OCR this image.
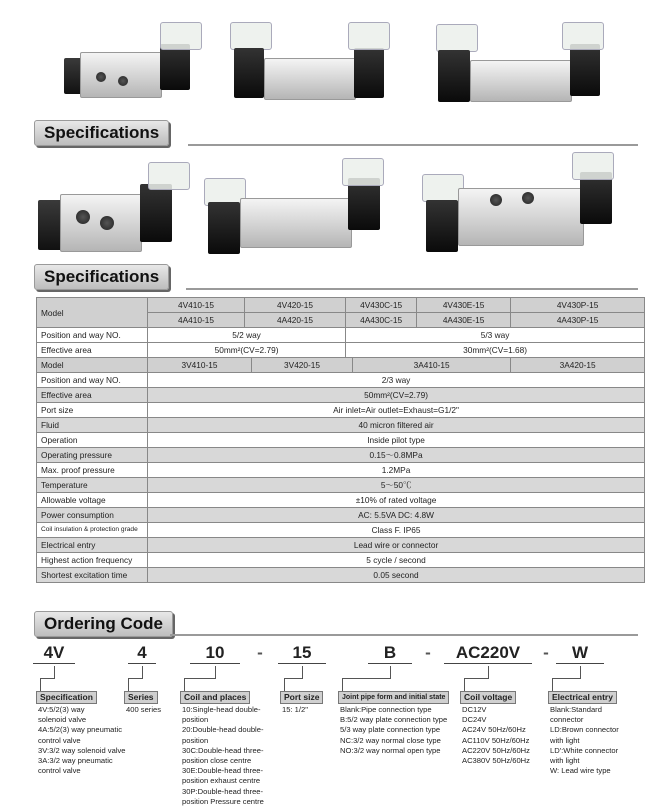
Specifications
Specifications
Model	4V410-15	4V420-15		4V430C-15		4V430E-15	4V430P-15
	4A410-15	4A420-15		4A430C-15		4A430E-15	4A430P-15
Position and way NO.	5/2 way			5/3 way			
Effective area	50mm²(CV=2.79)			30mm²(CV=1.68)			
Model	3V410-15		3V420-15		3A410-15		3A420-15
Position and way NO.	2/3 way						
Effective area	50mm²(CV=2.79)						
Port size	Air inlet=Air outlet=Exhaust=G1/2"						
Fluid	40 micron filtered air						
Operation	Inside pilot type						
Operating pressure	0.15～0.8MPa						
Max. proof pressure	1.2MPa						
Temperature	5～50℃						
Allowable voltage	±10% of rated voltage						
Power consumption	AC: 5.5VA DC: 4.8W						
Coil insulation & protection grade	Class F. IP65						
Electrical entry	Lead wire or connector						
Highest action frequency	5 cycle / second						
Shortest excitation time	0.05 second						
Ordering Code
4V	4	10	-	15	B	-	AC220V	-	W
Specification
4V:5/2(3) way
solenoid valve
4A:5/2(3) way pneumatic
control valve
3V:3/2 way solenoid valve
3A:3/2 way pneumatic
control valve
Series
400 series
Coil and places
10:Single-head double-
position
20:Double-head double-
position
30C:Double-head three-
position close centre
30E:Double-head three-
position exhaust centre
30P:Double-head three-
position Pressure centre
Port size
15: 1/2"
Joint pipe form and initial state
Blank:Pipe connection type
B:5/2 way plate connection type
5/3 way plate connection type
NC:3/2 way normal close type
NO:3/2 way normal open type
Coil voltage
DC12V
DC24V
AC24V 50Hz/60Hz
AC110V 50Hz/60Hz
AC220V 50Hz/60Hz
AC380V 50Hz/60Hz
Electrical entry
Blank:Standard
connector
LD:Brown connector
with light
LD':White connector
with light
W: Lead wire type
